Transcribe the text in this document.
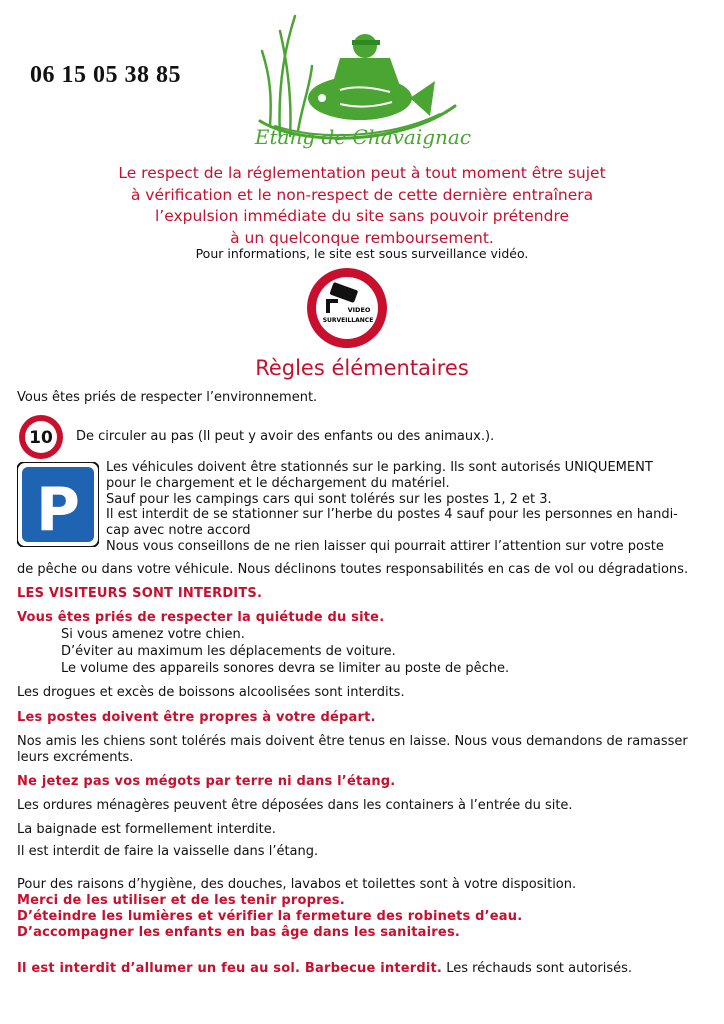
06 15 05 38 85
Etang de Chavaignac
Le respect de la réglementation peut à tout moment être sujet
à vérification et le non-respect de cette dernière entraînera
l’expulsion immédiate du site sans pouvoir prétendre
à un quelconque remboursement.
Pour informations, le site est sous surveillance vidéo.
VIDEO
SURVEILLANCE
Règles élémentaires
Vous êtes priés de respecter l’environnement.
10 De circuler au pas (Il peut y avoir des enfants ou des animaux.).
P
Les véhicules doivent être stationnés sur le parking. Ils sont autorisés UNIQUEMENT
pour le chargement et le déchargement du matériel.
Sauf pour les campings cars qui sont tolérés sur les postes 1, 2 et 3.
Il est interdit de se stationner sur l’herbe du postes 4 sauf pour les personnes en handi-
cap avec notre accord
Nous vous conseillons de ne rien laisser qui pourrait attirer l’attention sur votre poste
de pêche ou dans votre véhicule. Nous déclinons toutes responsabilités en cas de vol ou dégradations.
LES VISITEURS SONT INTERDITS.
Vous êtes priés de respecter la quiétude du site.
Si vous amenez votre chien.
D’éviter au maximum les déplacements de voiture.
Le volume des appareils sonores devra se limiter au poste de pêche.
Les drogues et excès de boissons alcoolisées sont interdits.
Les postes doivent être propres à votre départ.
Nos amis les chiens sont tolérés mais doivent être tenus en laisse. Nous vous demandons de ramasser leurs excréments.
Ne jetez pas vos mégots par terre ni dans l’étang.
Les ordures ménagères peuvent être déposées dans les containers à l’entrée du site.
La baignade est formellement interdite.
Il est interdit de faire la vaisselle dans l’étang.
Pour des raisons d’hygiène, des douches, lavabos et toilettes sont à votre disposition.
Merci de les utiliser et de les tenir propres.
D’éteindre les lumières et vérifier la fermeture des robinets d’eau.
D’accompagner les enfants en bas âge dans les sanitaires.
Il est interdit d’allumer un feu au sol. Barbecue interdit. Les réchauds sont autorisés.
